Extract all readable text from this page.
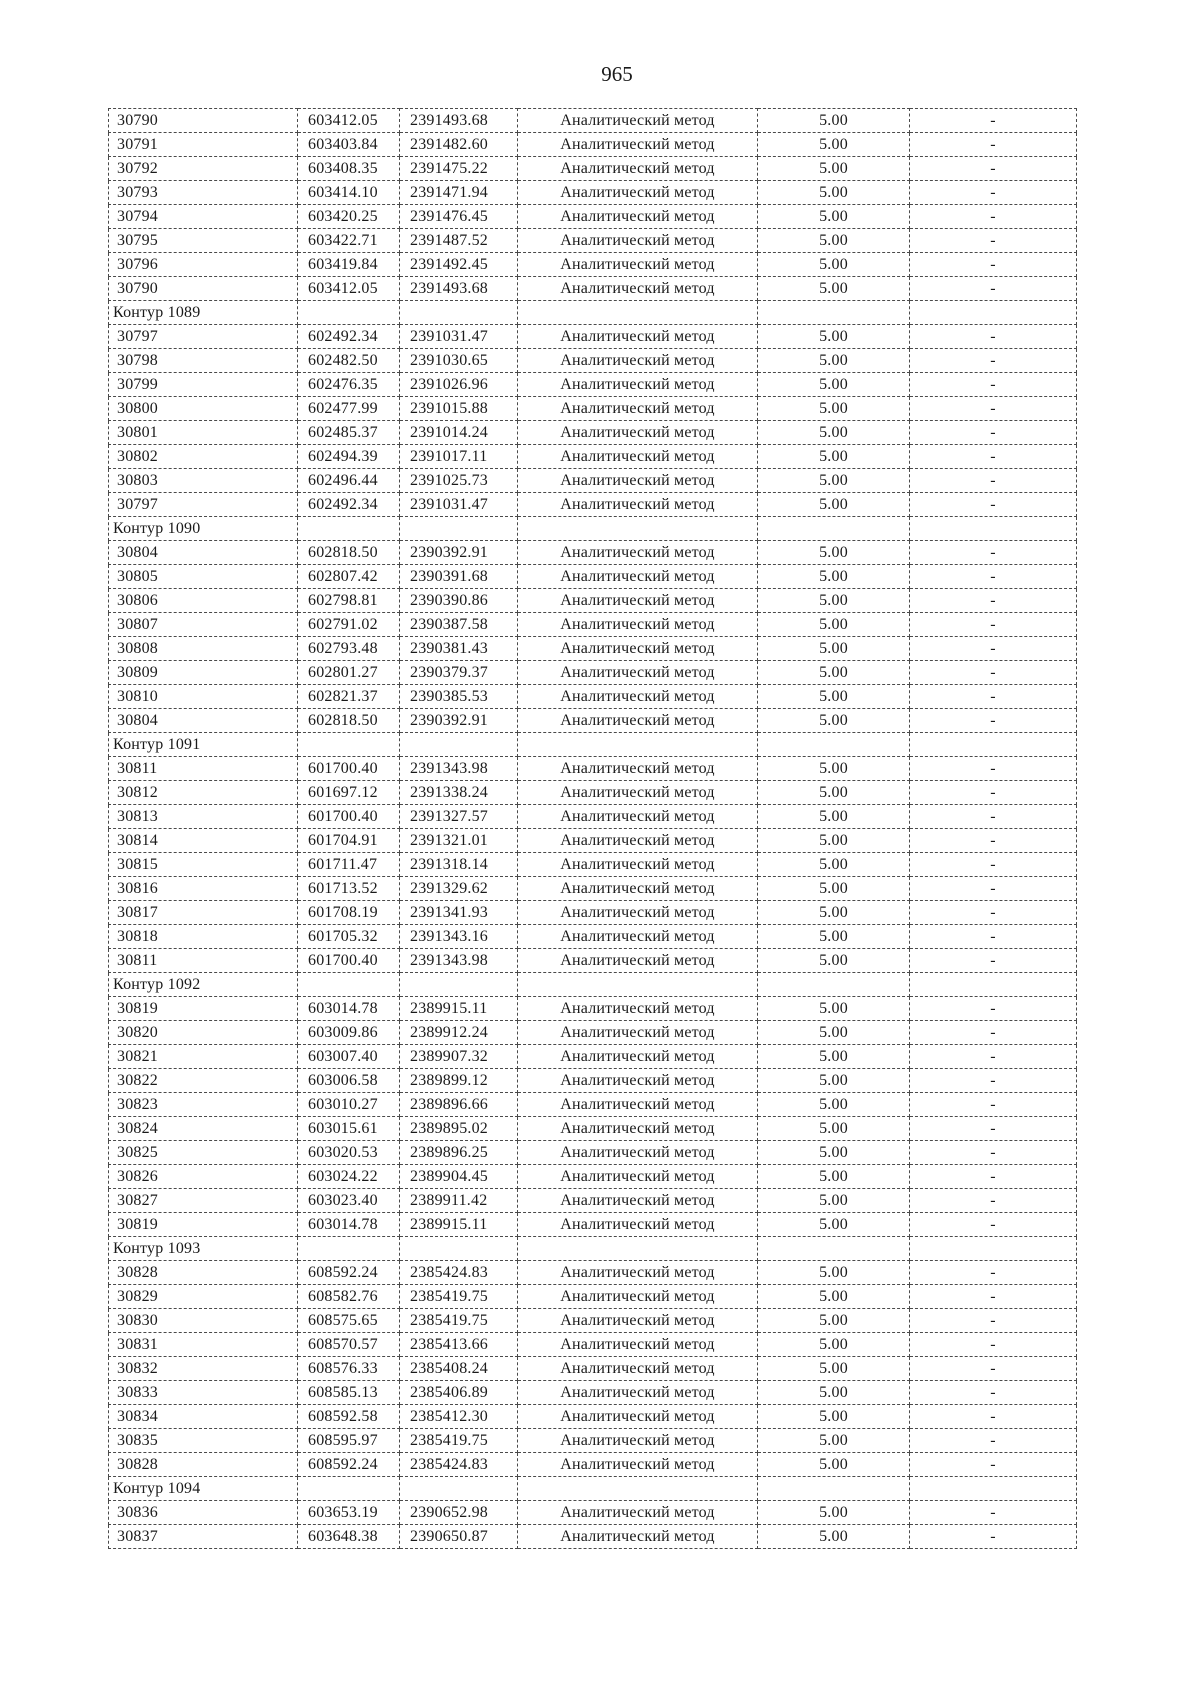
965
30790	603412.05	2391493.68	Аналитический метод	5.00	-
30791	603403.84	2391482.60	Аналитический метод	5.00	-
30792	603408.35	2391475.22	Аналитический метод	5.00	-
30793	603414.10	2391471.94	Аналитический метод	5.00	-
30794	603420.25	2391476.45	Аналитический метод	5.00	-
30795	603422.71	2391487.52	Аналитический метод	5.00	-
30796	603419.84	2391492.45	Аналитический метод	5.00	-
30790	603412.05	2391493.68	Аналитический метод	5.00	-
Контур 1089					
30797	602492.34	2391031.47	Аналитический метод	5.00	-
30798	602482.50	2391030.65	Аналитический метод	5.00	-
30799	602476.35	2391026.96	Аналитический метод	5.00	-
30800	602477.99	2391015.88	Аналитический метод	5.00	-
30801	602485.37	2391014.24	Аналитический метод	5.00	-
30802	602494.39	2391017.11	Аналитический метод	5.00	-
30803	602496.44	2391025.73	Аналитический метод	5.00	-
30797	602492.34	2391031.47	Аналитический метод	5.00	-
Контур 1090					
30804	602818.50	2390392.91	Аналитический метод	5.00	-
30805	602807.42	2390391.68	Аналитический метод	5.00	-
30806	602798.81	2390390.86	Аналитический метод	5.00	-
30807	602791.02	2390387.58	Аналитический метод	5.00	-
30808	602793.48	2390381.43	Аналитический метод	5.00	-
30809	602801.27	2390379.37	Аналитический метод	5.00	-
30810	602821.37	2390385.53	Аналитический метод	5.00	-
30804	602818.50	2390392.91	Аналитический метод	5.00	-
Контур 1091					
30811	601700.40	2391343.98	Аналитический метод	5.00	-
30812	601697.12	2391338.24	Аналитический метод	5.00	-
30813	601700.40	2391327.57	Аналитический метод	5.00	-
30814	601704.91	2391321.01	Аналитический метод	5.00	-
30815	601711.47	2391318.14	Аналитический метод	5.00	-
30816	601713.52	2391329.62	Аналитический метод	5.00	-
30817	601708.19	2391341.93	Аналитический метод	5.00	-
30818	601705.32	2391343.16	Аналитический метод	5.00	-
30811	601700.40	2391343.98	Аналитический метод	5.00	-
Контур 1092					
30819	603014.78	2389915.11	Аналитический метод	5.00	-
30820	603009.86	2389912.24	Аналитический метод	5.00	-
30821	603007.40	2389907.32	Аналитический метод	5.00	-
30822	603006.58	2389899.12	Аналитический метод	5.00	-
30823	603010.27	2389896.66	Аналитический метод	5.00	-
30824	603015.61	2389895.02	Аналитический метод	5.00	-
30825	603020.53	2389896.25	Аналитический метод	5.00	-
30826	603024.22	2389904.45	Аналитический метод	5.00	-
30827	603023.40	2389911.42	Аналитический метод	5.00	-
30819	603014.78	2389915.11	Аналитический метод	5.00	-
Контур 1093					
30828	608592.24	2385424.83	Аналитический метод	5.00	-
30829	608582.76	2385419.75	Аналитический метод	5.00	-
30830	608575.65	2385419.75	Аналитический метод	5.00	-
30831	608570.57	2385413.66	Аналитический метод	5.00	-
30832	608576.33	2385408.24	Аналитический метод	5.00	-
30833	608585.13	2385406.89	Аналитический метод	5.00	-
30834	608592.58	2385412.30	Аналитический метод	5.00	-
30835	608595.97	2385419.75	Аналитический метод	5.00	-
30828	608592.24	2385424.83	Аналитический метод	5.00	-
Контур 1094					
30836	603653.19	2390652.98	Аналитический метод	5.00	-
30837	603648.38	2390650.87	Аналитический метод	5.00	-
